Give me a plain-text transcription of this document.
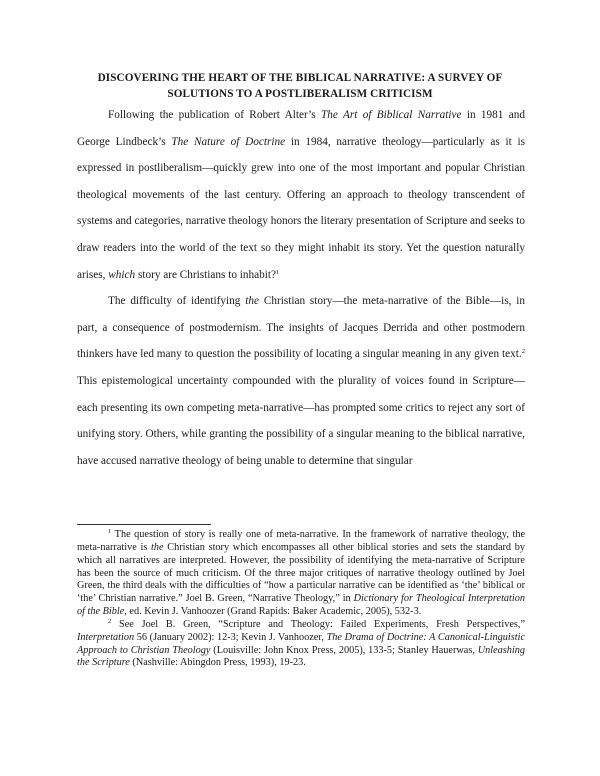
DISCOVERING THE HEART OF THE BIBLICAL NARRATIVE: A SURVEY OF
SOLUTIONS TO A POSTLIBERALISM CRITICISM

Following the publication of Robert Alter’s The Art of Biblical Narrative in 1981 and George Lindbeck’s The Nature of Doctrine in 1984, narrative theology—particularly as it is expressed in postliberalism—quickly grew into one of the most important and popular Christian theological movements of the last century. Offering an approach to theology transcendent of systems and categories, narrative theology honors the literary presentation of Scripture and seeks to draw readers into the world of the text so they might inhabit its story. Yet the question naturally arises, which story are Christians to inhabit?$^1$

The difficulty of identifying the Christian story—the meta-narrative of the Bible—is, in part, a consequence of postmodernism. The insights of Jacques Derrida and other postmodern thinkers have led many to question the possibility of locating a singular meaning in any given text.$^2$ This epistemological uncertainty compounded with the plurality of voices found in Scripture—each presenting its own competing meta-narrative—has prompted some critics to reject any sort of unifying story. Others, while granting the possibility of a singular meaning to the biblical narrative, have accused narrative theology of being unable to determine that singular

$^1$ The question of story is really one of meta-narrative. In the framework of narrative theology, the meta-narrative is the Christian story which encompasses all other biblical stories and sets the standard by which all narratives are interpreted. However, the possibility of identifying the meta-narrative of Scripture has been the source of much criticism. Of the three major critiques of narrative theology outlined by Joel Green, the third deals with the difficulties of “how a particular narrative can be identified as ‘the’ biblical or ‘the’ Christian narrative.” Joel B. Green, “Narrative Theology,” in Dictionary for Theological Interpretation of the Bible, ed. Kevin J. Vanhoozer (Grand Rapids: Baker Academic, 2005), 532-3.

$^2$ See Joel B. Green, “Scripture and Theology: Failed Experiments, Fresh Perspectives,” Interpretation 56 (January 2002): 12-3; Kevin J. Vanhoozer, The Drama of Doctrine: A Canonical-Linguistic Approach to Christian Theology (Louisville: John Knox Press, 2005), 133-5; Stanley Hauerwas, Unleashing the Scripture (Nashville: Abingdon Press, 1993), 19-23.
